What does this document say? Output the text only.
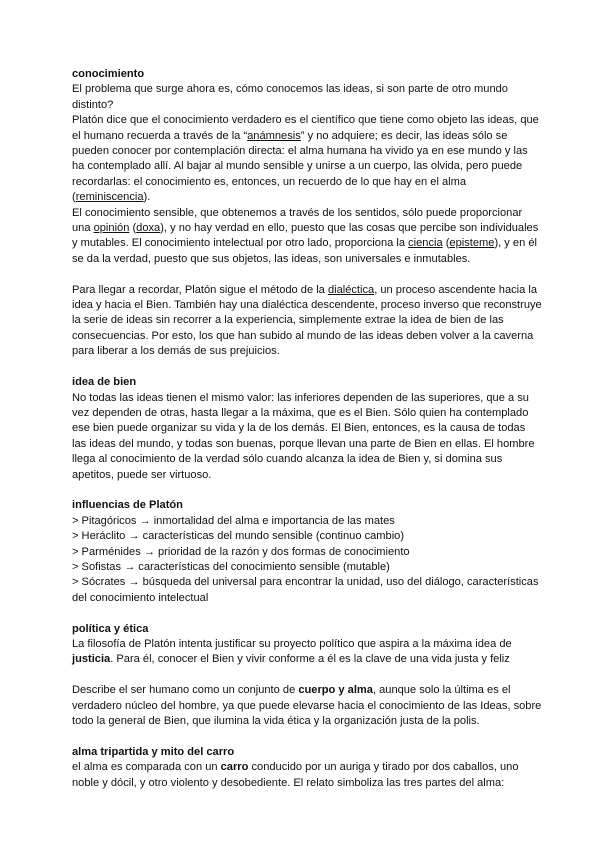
conocimiento

El problema que surge ahora es, cómo conocemos las ideas, si son parte de otro mundo distinto?

Platón dice que el conocimiento verdadero es el científico que tiene como objeto las ideas, que el humano recuerda a través de la “anámnesis” y no adquiere; es decir, las ideas sólo se pueden conocer por contemplación directa: el alma humana ha vivido ya en ese mundo y las ha contemplado allí. Al bajar al mundo sensible y unirse a un cuerpo, las olvida, pero puede recordarlas: el conocimiento es, entonces, un recuerdo de lo que hay en el alma (reminiscencia).

El conocimiento sensible, que obtenemos a través de los sentidos, sólo puede proporcionar una opinión (doxa), y no hay verdad en ello, puesto que las cosas que percibe son individuales y mutables. El conocimiento intelectual por otro lado, proporciona la ciencia (episteme), y en él se da la verdad, puesto que sus objetos, las ideas, son universales e inmutables.

Para llegar a recordar, Platón sigue el método de la dialéctica, un proceso ascendente hacia la idea y hacia el Bien. También hay una dialéctica descendente, proceso inverso que reconstruye la serie de ideas sin recorrer a la experiencia, simplemente extrae la idea de bien de las consecuencias. Por esto, los que han subido al mundo de las ideas deben volver a la caverna para liberar a los demás de sus prejuicios.

idea de bien

No todas las ideas tienen el mismo valor: las inferiores dependen de las superiores, que a su vez dependen de otras, hasta llegar a la máxima, que es el Bien. Sólo quien ha contemplado ese bien puede organizar su vida y la de los demás. El Bien, entonces, es la causa de todas las ideas del mundo, y todas son buenas, porque llevan una parte de Bien en ellas. El hombre llega al conocimiento de la verdad sólo cuando alcanza la idea de Bien y, si domina sus apetitos, puede ser virtuoso.

influencias de Platón

> Pitagóricos → inmortalidad del alma e importancia de las mates

> Heráclito → características del mundo sensible (continuo cambio)

> Parménides → prioridad de la razón y dos formas de conocimiento

> Sofistas → características del conocimiento sensible (mutable)

> Sócrates → búsqueda del universal para encontrar la unidad, uso del diálogo, características del conocimiento intelectual

política y ética

La filosofía de Platón intenta justificar su proyecto político que aspira a la máxima idea de justicia. Para él, conocer el Bien y vivir conforme a él es la clave de una vida justa y feliz

Describe el ser humano como un conjunto de cuerpo y alma, aunque solo la última es el verdadero núcleo del hombre, ya que puede elevarse hacia el conocimiento de las Ideas, sobre todo la general de Bien, que ilumina la vida ética y la organización justa de la polis.

alma tripartida y mito del carro

el alma es comparada con un carro conducido por un auriga y tirado por dos caballos, uno noble y dócil, y otro violento y desobediente. El relato simboliza las tres partes del alma:
